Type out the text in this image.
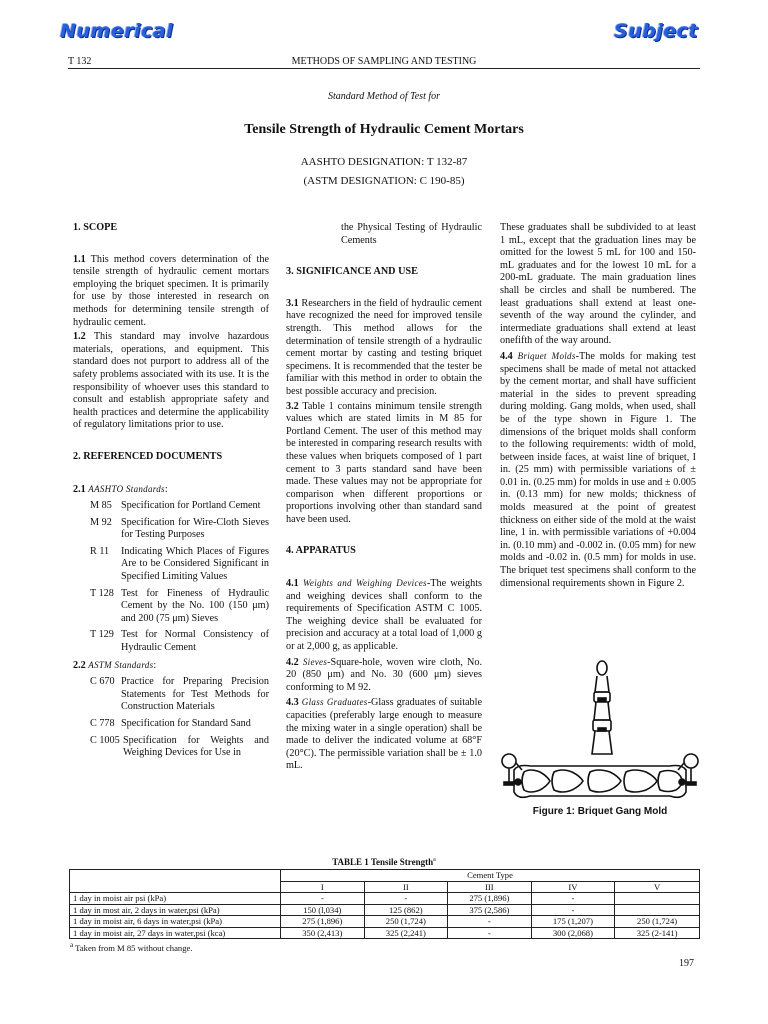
Numerical	Subject
METHODS OF SAMPLING AND TESTING
T 132
Standard Method of Test for
Tensile Strength of Hydraulic Cement Mortars
AASHTO DESIGNATION: T 132-87
(ASTM DESIGNATION: C 190-85)
1. SCOPE

1.1 This method covers determination of the tensile strength of hydraulic cement mortars employing the briquet specimen. It is primarily for use by those interested in research on methods for determining tensile strength of hydraulic cement.

1.2 This standard may involve hazardous materials, operations, and equipment. This standard does not purport to address all of the safety problems associated with its use. It is the responsibility of whoever uses this standard to consult and establish appropriate safety and health practices and determine the applicability of regulatory limitations prior to use.

2. REFERENCED DOCUMENTS

2.1 AASHTO Standards:

M 85 Specification for Portland Cement
M 92 Specification for Wire-Cloth Sieves for Testing Purposes
R 11	Indicating Which Places of Figures Are to be Considered Significant in Specified Limiting Values
T 128 Test for Fineness of Hydraulic Cement by the No. 100 (150 μm) and 200 (75 μm) Sieves
T 129 Test for Normal Consistency of Hydraulic Cement

2.2 ASTM Standards:

C 670 Practice for Preparing Precision Statements for Test Methods for Construction Materials
C 778 Specification for Standard Sand
C 1005 Specification for Weights and Weighing Devices for Use in
the Physical Testing of Hydraulic Cements
3. SIGNIFICANCE AND USE

3.1 Researchers in the field of hydraulic cement have recognized the need for improved tensile strength. This method allows for the determination of tensile strength of a hydraulic cement mortar by casting and testing briquet specimens. It is recommended that the tester be familiar with this method in order to obtain the best possible accuracy and precision.

3.2 Table 1 contains minimum tensile strength values which are stated limits in M 85 for Portland Cement. The user of this method may be interested in comparing research results with these values when briquets composed of 1 part cement to 3 parts standard sand have been made. These values may not be appropriate for comparison when different proportions or proportions involving other than standard sand have been used.

4. APPARATUS

4.1 Weights and Weighing Devices-The weights and weighing devices shall conform to the requirements of Specification ASTM C 1005. The weighing device shall be evaluated for precision and accuracy at a total load of 1,000 g or at 2,000 g, as applicable.

4.2 Sieves-Square-hole, woven wire cloth, No. 20 (850 μm) and No. 30 (600 μm) sieves conforming to M 92.

4.3 Glass Graduates-Glass graduates of suitable capacities (preferably large enough to measure the mixing water in a single operation) shall be made to deliver the indicated volume at 68°F (20°C). The permissible variation shall be ± 1.0 mL.

These graduates shall be subdivided to at least 1 mL, except that the graduation lines may be omitted for the lowest 5 mL for 100 and 150-mL graduates and for the lowest 10 mL for a 200-mL graduate. The main graduation lines shall be circles and shall be numbered. The least graduations shall extend at least one-seventh of the way around the cylinder, and intermediate graduations shall extend at least onefifth of the way around.

4.4 Briquet Molds-The molds for making test specimens shall be made of metal not attacked by the cement mortar, and shall have sufficient material in the sides to prevent spreading during molding. Gang molds, when used, shall be of the type shown in Figure 1. The dimensions of the briquet molds shall conform to the following requirements: width of mold, between inside faces, at waist line of briquet, I in. (25 mm) with permissible variations of ± 0.01 in. (0.25 mm) for molds in use and ± 0.005 in. (0.13 mm) for new molds; thickness of molds measured at the point of greatest thickness on either side of the mold at the waist line, 1 in. with permissible variations of +0.004 in. (0.10 mm) and -0.002 in. (0.05 mm) for new molds and -0.02 in. (0.5 mm) for molds in use. The briquet test specimens shall conform to the dimensional requirements shown in Figure 2.

Figure 1: Briquet Gang Mold
TABLE 1 Tensile Strength$^a$
	Cement Type				
	I	II	III	IV	V
1 day in moist air psi (kPa)	-	-	275 (1,896)	-	
1 day in most air, 2 days in water,psi (kPa)	150 (l,034)	125 (862)	375 (2,586)	-	
1 day in moist air, 6 days in water,psi (kPa)	275 (1,896)	250 (1,724)	-	175 (1,207)	250 (1,724)
1 day in moist air, 27 days in water,psi (kca)	350 (2,413)	325 (2,241)	-	300 (2,068)	325 (2-141)
$^a$ Taken from M 85 without change.
197
